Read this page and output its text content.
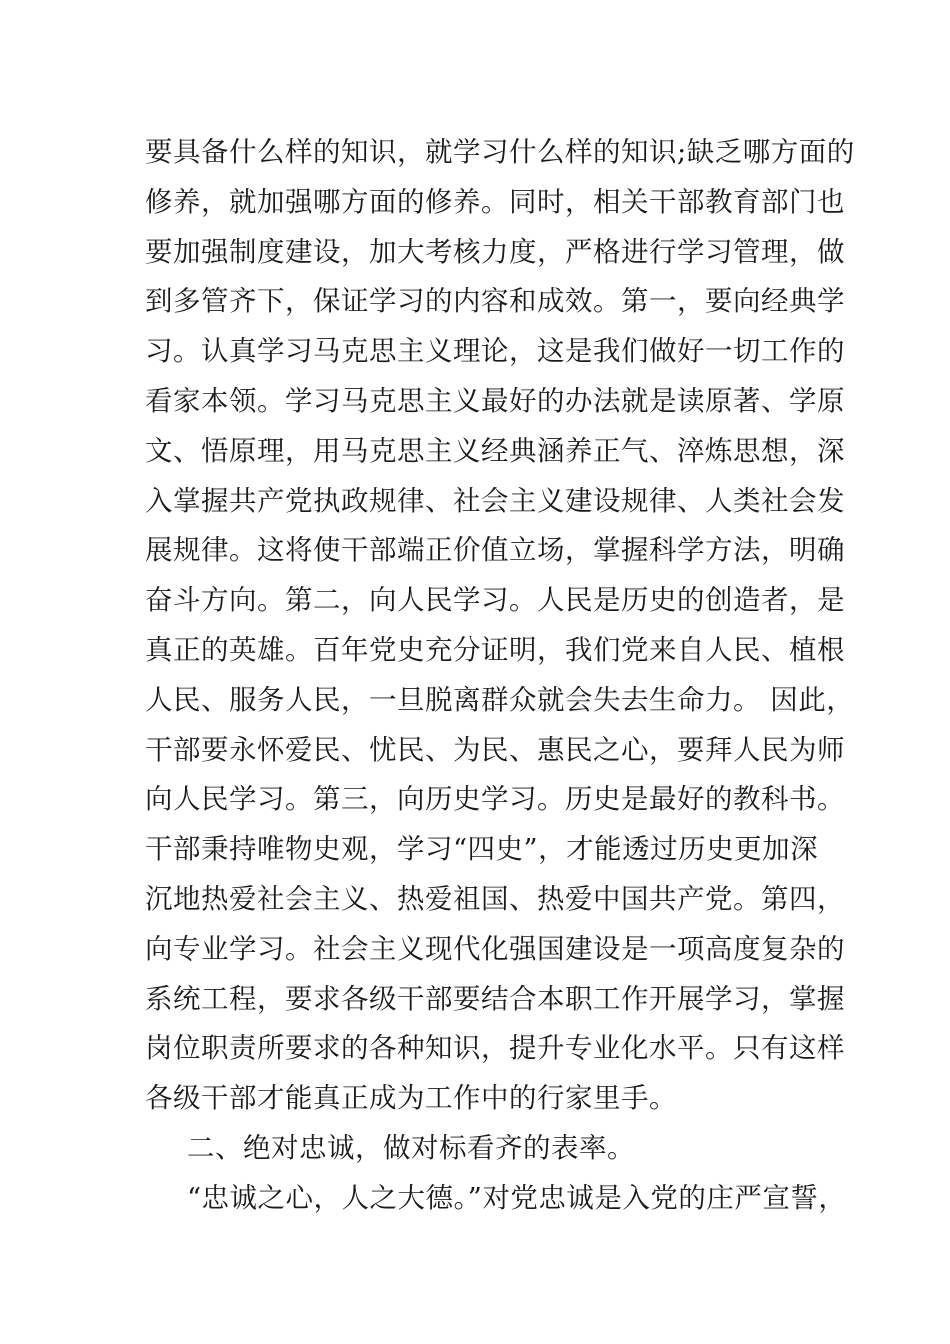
要具备什么样的知识，就学习什么样的知识;缺乏哪方面的
修养，就加强哪方面的修养。同时，相关干部教育部门也
要加强制度建设，加大考核力度，严格进行学习管理，做
到多管齐下，保证学习的内容和成效。第一，要向经典学
习。认真学习马克思主义理论，这是我们做好一切工作的
看家本领。学习马克思主义最好的办法就是读原著、学原
文、悟原理，用马克思主义经典涵养正气、淬炼思想，深
入掌握共产党执政规律、社会主义建设规律、人类社会发
展规律。这将使干部端正价值立场，掌握科学方法，明确
奋斗方向。第二，向人民学习。人民是历史的创造者，是
真正的英雄。百年党史充分证明，我们党来自人民、植根
人民、服务人民，一旦脱离群众就会失去生命力。 因此，
干部要永怀爱民、忧民、为民、惠民之心，要拜人民为师
向人民学习。第三，向历史学习。历史是最好的教科书。
干部秉持唯物史观，学习“四史”，才能透过历史更加深
沉地热爱社会主义、热爱祖国、热爱中国共产党。第四，
向专业学习。社会主义现代化强国建设是一项高度复杂的
系统工程，要求各级干部要结合本职工作开展学习，掌握
岗位职责所要求的各种知识，提升专业化水平。只有这样
各级干部才能真正成为工作中的行家里手。
二、绝对忠诚，做对标看齐的表率。
“忠诚之心，人之大德。”对党忠诚是入党的庄严宣誓，
